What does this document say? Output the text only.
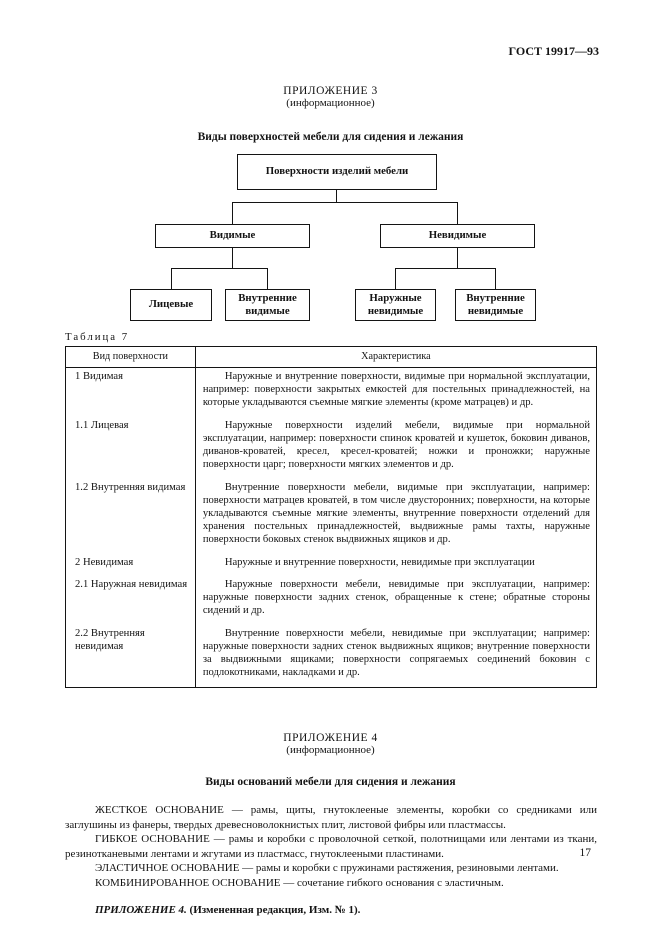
ГОСТ 19917—93
ПРИЛОЖЕНИЕ 3
(информационное)
Виды поверхностей мебели для сидения и лежания
Поверхности изделий мебели
Видимые	Невидимые
Лицевые
Внутренние видимые
Наружные невидимые
Внутренние невидимые
Таблица 7
Вид поверхности	Характеристика
1 Видимая	Наружные и внутренние поверхности, видимые при нормальной эксплуатации, например: поверхности закрытых емкостей для постельных принадлежностей, на которые укладываются съемные мягкие элементы (кроме матрацев) и др.
1.1 Лицевая	Наружные поверхности изделий мебели, видимые при нормальной эксплуатации, например: поверхности спинок кроватей и кушеток, боковин диванов, диванов-кроватей, кресел, кресел-кроватей; ножки и проножки; наружные поверхности царг; поверхности мягких элементов и др.
1.2 Внутренняя видимая	Внутренние поверхности мебели, видимые при эксплуатации, например: поверхности матрацев кроватей, в том числе двусторонних; поверхности, на которые укладываются съемные мягкие элементы, внутренние поверхности отделений для хранения постельных принадлежностей, выдвижные рамы тахты, наружные поверхности боковых стенок выдвижных ящиков и др.
2 Невидимая	Наружные и внутренние поверхности, невидимые при эксплуатации
2.1 Наружная невидимая	Наружные поверхности мебели, невидимые при эксплуатации, например: наружные поверхности задних стенок, обращенные к стене; обратные стороны сидений и др.
2.2 Внутренняя невидимая	Внутренние поверхности мебели, невидимые при эксплуатации; например: наружные поверхности задних стенок выдвижных ящиков; внутренние поверхности за выдвижными ящиками; поверхности сопрягаемых соединений боковин с подлокотниками, накладками и др.
ПРИЛОЖЕНИЕ 4
(информационное)
Виды оснований мебели для сидения и лежания

ЖЕСТКОЕ ОСНОВАНИЕ — рамы, щиты, гнутоклееные элементы, коробки со средниками или заглушины из фанеры, твердых древесноволокнистых плит, листовой фибры или пластмассы.

ГИБКОЕ ОСНОВАНИЕ — рамы и коробки с проволочной сеткой, полотнищами или лентами из ткани, резинотканевыми лентами и жгутами из пластмасс, гнутоклееными пластинами.

ЭЛАСТИЧНОЕ ОСНОВАНИЕ — рамы и коробки с пружинами растяжения, резиновыми лентами.

КОМБИНИРОВАННОЕ ОСНОВАНИЕ — сочетание гибкого основания с эластичным.

ПРИЛОЖЕНИЕ 4. (Измененная редакция, Изм. № 1).
17
